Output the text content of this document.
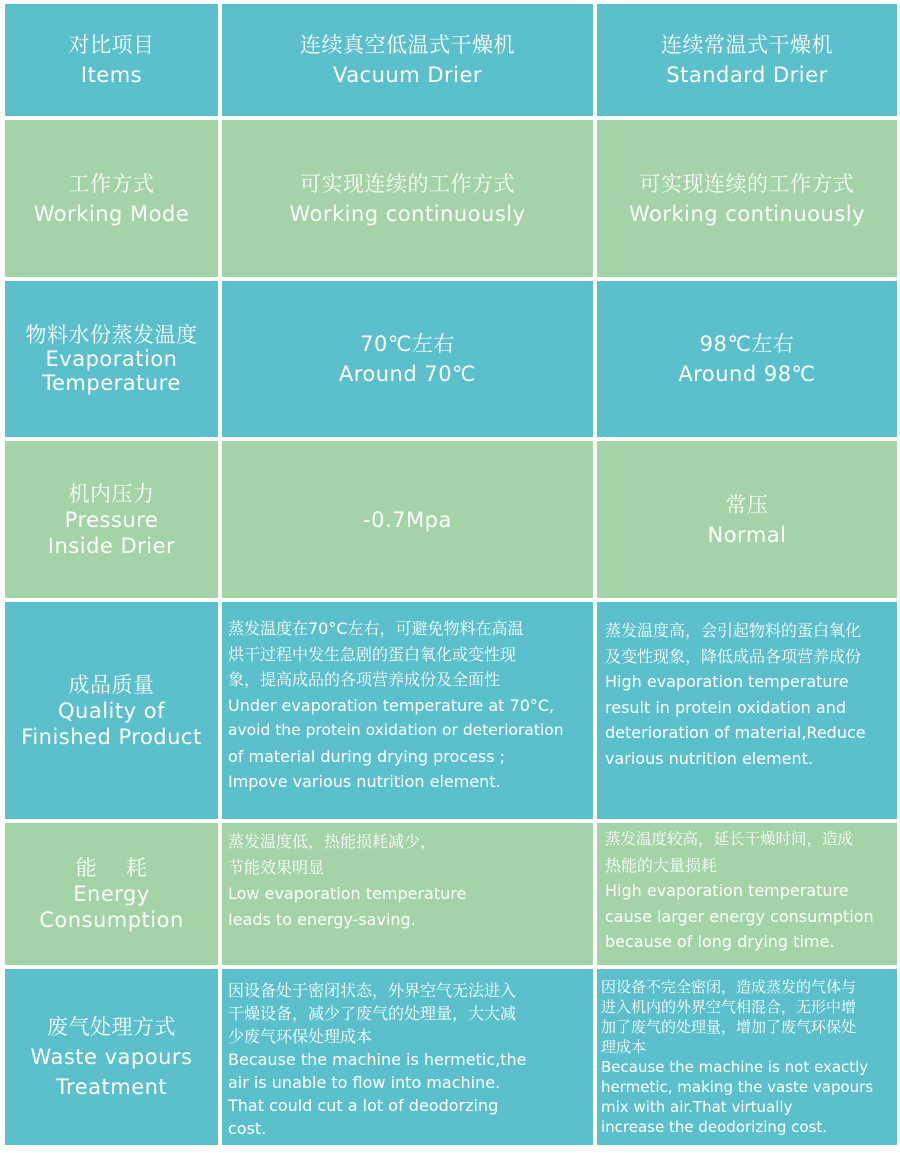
对比项目
Items
连续真空低温式干燥机
Vacuum Drier
连续常温式干燥机
Standard Drier
工作方式
Working Mode
可实现连续的工作方式
Working continuously
可实现连续的工作方式
Working continuously
物料水份蒸发温度
Evaporation
Temperature
70℃左右
Around 70℃
98℃左右
Around 98℃
机内压力
Pressure
Inside Drier
-0.7Mpa
常压
Normal
成品质量
Quality of
Finished Product
蒸发温度在70°C左右，可避免物料在高温
烘干过程中发生急剧的蛋白氧化或变性现
象，提高成品的各项营养成份及全面性
Under evaporation temperature at 70°C,
avoid the protein oxidation or deterioration
of material during drying process ;
Impove various nutrition element.
蒸发温度高，会引起物料的蛋白氧化
及变性现象，降低成品各项营养成份
High evaporation temperature
result in protein oxidation and
deterioration of material,Reduce
various nutrition element.
能    耗
Energy
Consumption
蒸发温度低，热能损耗减少，
节能效果明显
Low evaporation temperature
Ieads to energy-saving.
蒸发温度较高，延长干燥时间，造成
热能的大量损耗
High evaporation temperature
cause larger energy consumption
because of long drying time.
废气处理方式
Waste vapours
Treatment
因设备处于密闭状态，外界空气无法进入
干燥设备，减少了废气的处理量，大大减
少废气环保处理成本
Because the machine is hermetic,the
air is unable to flow into machine.
That could cut a lot of deodorzing
cost.
因设备不完全密闭，造成蒸发的气体与
进入机内的外界空气相混合，无形中增
加了废气的处理量，增加了废气环保处
理成本
Because the machine is not exactly
hermetic, making the vaste vapours
mix with air.That virtually
increase the deodorizing cost.
